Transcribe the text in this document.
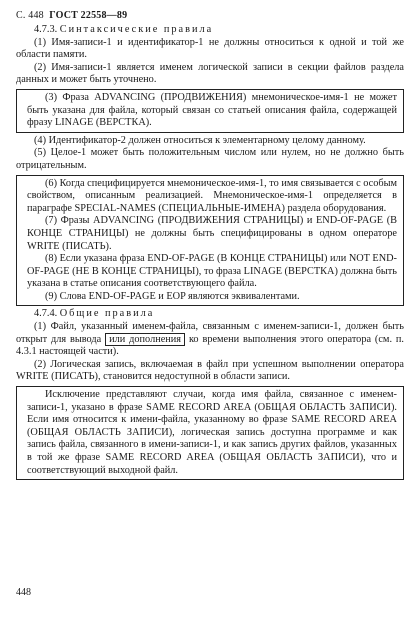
С. 448 ГОСТ 22558—89

4.7.3. Синтаксические правила

(1) Имя-записи-1 и идентификатор-1 не должны относиться к одной и той же области памяти.

(2) Имя-записи-1 является именем логической записи в секции файлов раздела данных и может быть уточнено.

(3) Фраза ADVANCING (ПРОДВИЖЕНИЯ) мнемоническое-имя-1 не может быть указана для файла, который связан со статьей описания файла, содержащей фразу LINAGE (ВЕРСТКА).

(4) Идентификатор-2 должен относиться к элементарному целому данному.

(5) Целое-1 может быть положительным числом или нулем, но не должно быть отрицательным.

(6) Когда специфицируется мнемоническое-имя-1, то имя связывается с особым свойством, описанным реализацией. Мнемоническое-имя-1 определяется в параграфе SPECIAL-NAMES (СПЕЦИАЛЬНЫЕ-ИМЕНА) раздела оборудования.

(7) Фразы ADVANCING (ПРОДВИЖЕНИЯ СТРАНИЦЫ) и END-OF-PAGE (В КОНЦЕ СТРАНИЦЫ) не должны быть специфицированы в одном операторе WRITE (ПИСАТЬ).

(8) Если указана фраза END-OF-PAGE (В КОНЦЕ СТРАНИЦЫ) или NOT END-OF-PAGE (НЕ В КОНЦЕ СТРАНИЦЫ), то фраза LINAGE (ВЕРСТКА) должна быть указана в статье описания соответствующего файла.

(9) Слова END-OF-PAGE и EOP являются эквивалентами.

4.7.4. Общие правила

(1) Файл, указанный именем-файла, связанным с именем-записи-1, должен быть открыт для вывода или дополнения ко времени выполнения этого оператора (см. п. 4.3.1 настоящей части).

(2) Логическая запись, включаемая в файл при успешном выполнении оператора WRITE (ПИСАТЬ), становится недоступной в области записи.

Исключение представляют случаи, когда имя файла, связанное с именем-записи-1, указано в фразе SAME RECORD AREA (ОБЩАЯ ОБЛАСТЬ ЗАПИСИ). Если имя относится к имени-файла, указанному во фразе SAME RECORD AREA (ОБЩАЯ ОБЛАСТЬ ЗАПИСИ), логическая запись доступна программе и как запись файла, связанного в имени-записи-1, и как запись других файлов, указанных в той же фразе SAME RECORD AREA (ОБЩАЯ ОБЛАСТЬ ЗАПИСИ), что и соответствующий выходной файл.

448
